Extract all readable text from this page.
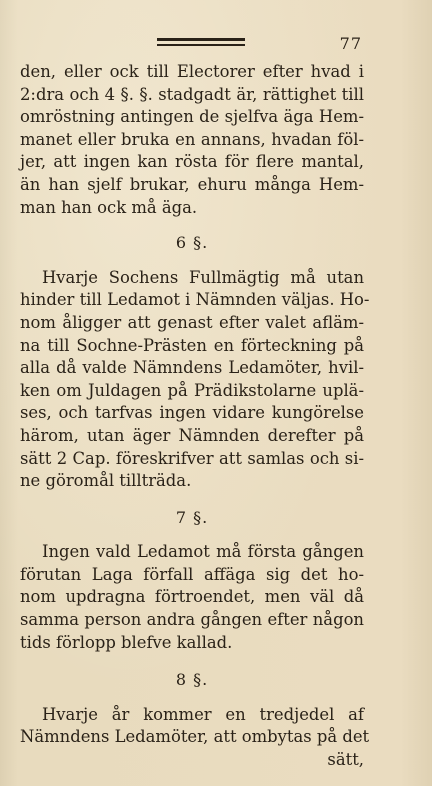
77
den, eller ock till Electorer efter hvad i
2:dra och 4 §. §. stadgadt är, rättighet till
omröstning antingen de sjelfva äga Hem-
manet eller bruka en annans, hvadan föl-
jer, att ingen kan rösta för flere mantal,
än han sjelf brukar, ehuru många Hem-
man han ock må äga.
6 §.
Hvarje Sochens Fullmägtig må utan
hinder till Ledamot i Nämnden väljas. Ho-
nom åligger att genast efter valet afläm-
na till Sochne-Prästen en förteckning på
alla då valde Nämndens Ledamöter, hvil-
ken om Juldagen på Prädikstolarne uplä-
ses, och tarfvas ingen vidare kungörelse
härom, utan äger Nämnden derefter på
sätt 2 Cap. föreskrifver att samlas och si-
ne göromål tillträda.
7 §.
Ingen vald Ledamot må första gången
förutan Laga förfall affäga sig det ho-
nom updragna förtroendet, men väl då
samma person andra gången efter någon
tids förlopp blefve kallad.
8 §.
Hvarje år kommer en tredjedel af
Nämndens Ledamöter, att ombytas på det
sätt,
